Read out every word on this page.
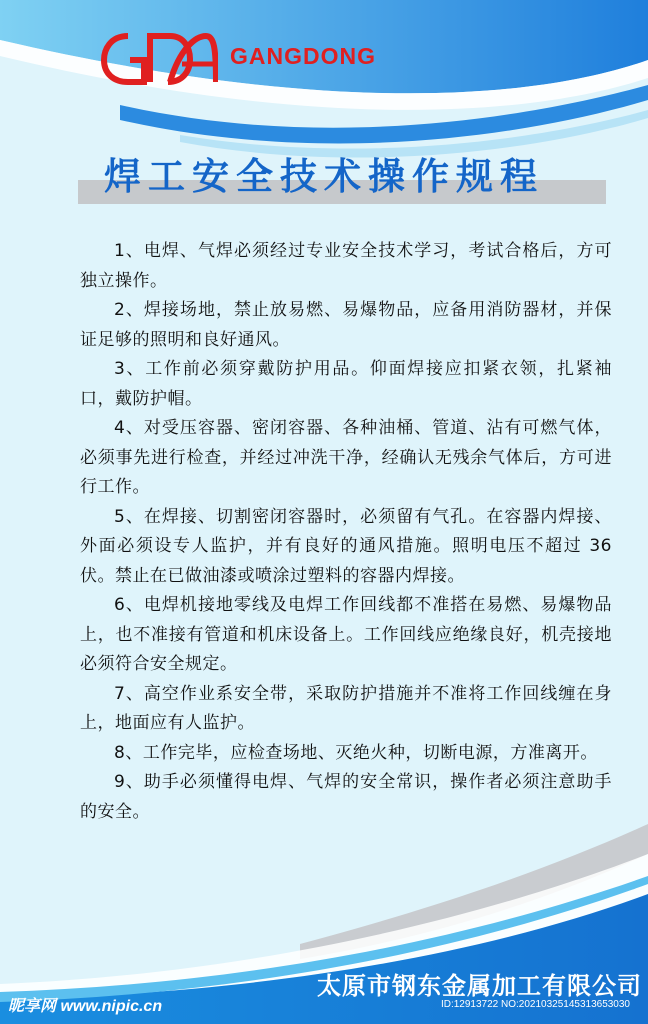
GANGDONG
焊工安全技术操作规程

1、电焊、气焊必须经过专业安全技术学习，考试合格后，方可独立操作。

2、焊接场地，禁止放易燃、易爆物品，应备用消防器材，并保证足够的照明和良好通风。

3、工作前必须穿戴防护用品。仰面焊接应扣紧衣领，扎紧袖口，戴防护帽。

4、对受压容器、密闭容器、各种油桶、管道、沾有可燃气体，必须事先进行检查，并经过冲洗干净，经确认无残余气体后，方可进行工作。

5、在焊接、切割密闭容器时，必须留有气孔。在容器内焊接、外面必须设专人监护，并有良好的通风措施。照明电压不超过 36 伏。禁止在已做油漆或喷涂过塑料的容器内焊接。

6、电焊机接地零线及电焊工作回线都不准搭在易燃、易爆物品上，也不准接有管道和机床设备上。工作回线应绝缘良好，机壳接地必须符合安全规定。

7、高空作业系安全带，采取防护措施并不准将工作回线缠在身上，地面应有人监护。

8、工作完毕，应检查场地、灭绝火种，切断电源，方准离开。

9、助手必须懂得电焊、气焊的安全常识，操作者必须注意助手的安全。

太原市钢东金属加工有限公司
昵享网 www.nipic.cn	ID:12913722 NO:20210325145313653030
